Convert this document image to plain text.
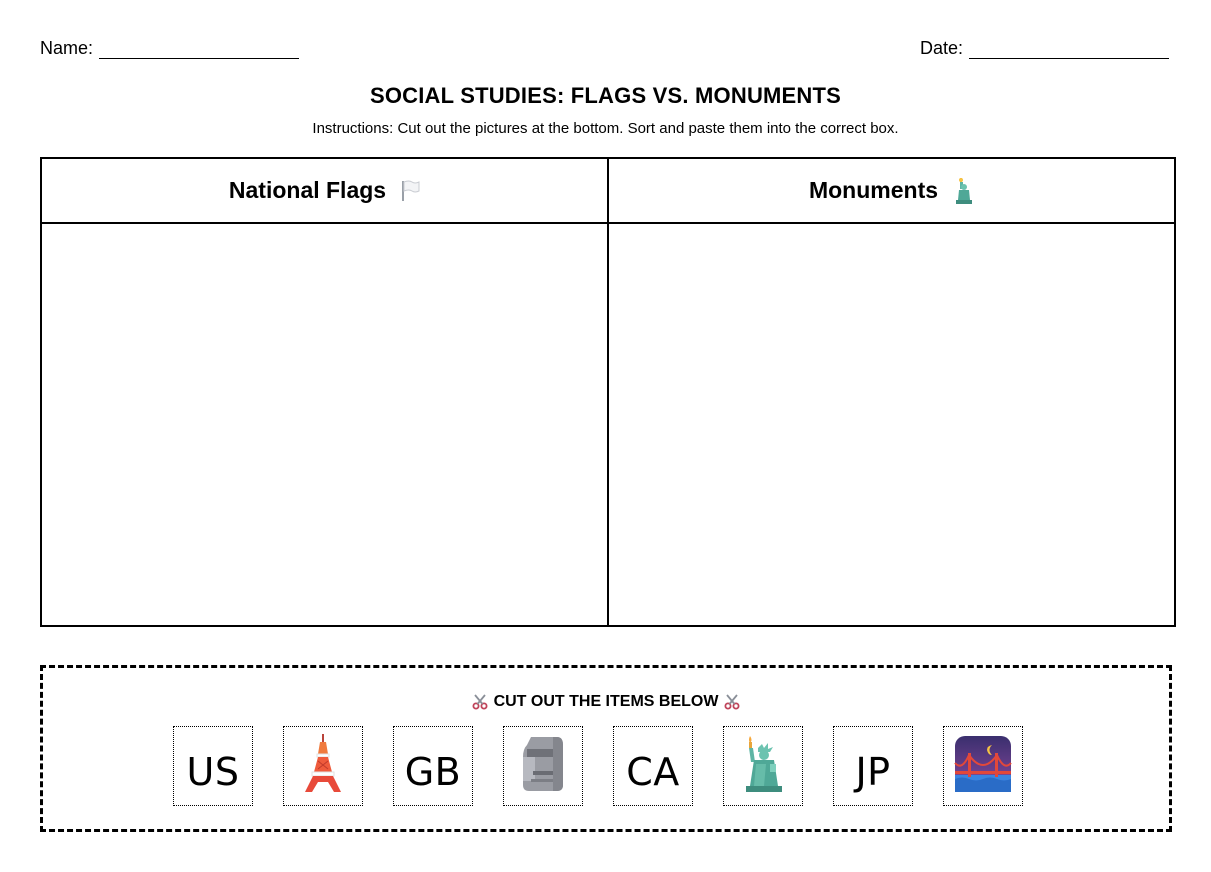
Name:	Date:
SOCIAL STUDIES: FLAGS VS. MONUMENTS
Instructions: Cut out the pictures at the bottom. Sort and paste them into the correct box.
National Flags	Monuments
CUT OUT THE ITEMS BELOW
US	GB	CA	JP
